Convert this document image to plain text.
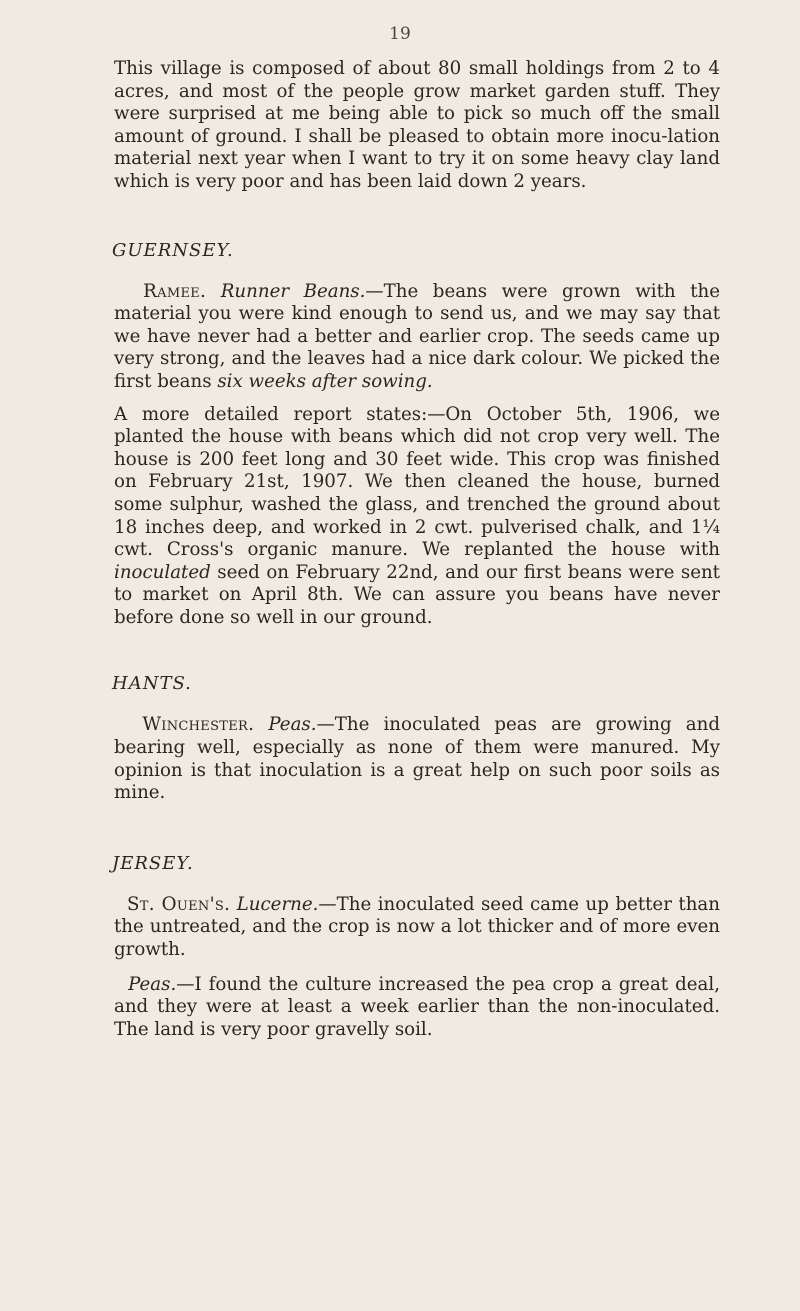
19

This village is composed of about 80 small holdings from 2 to 4 acres, and most of the people grow market garden stuff. They were surprised at me being able to pick so much off the small amount of ground. I shall be pleased to obtain more inocu-lation material next year when I want to try it on some heavy clay land which is very poor and has been laid down 2 years.

GUERNSEY.

Ramee. Runner Beans.—The beans were grown with the material you were kind enough to send us, and we may say that we have never had a better and earlier crop. The seeds came up very strong, and the leaves had a nice dark colour. We picked the first beans six weeks after sowing.

A more detailed report states:—On October 5th, 1906, we planted the house with beans which did not crop very well. The house is 200 feet long and 30 feet wide. This crop was finished on February 21st, 1907. We then cleaned the house, burned some sulphur, washed the glass, and trenched the ground about 18 inches deep, and worked in 2 cwt. pulverised chalk, and 1¼ cwt. Cross's organic manure. We replanted the house with inoculated seed on February 22nd, and our first beans were sent to market on April 8th. We can assure you beans have never before done so well in our ground.

HANTS.

Winchester. Peas.—The inoculated peas are growing and bearing well, especially as none of them were manured. My opinion is that inoculation is a great help on such poor soils as mine.

JERSEY.

St. Ouen's. Lucerne.—The inoculated seed came up better than the untreated, and the crop is now a lot thicker and of more even growth.

Peas.—I found the culture increased the pea crop a great deal, and they were at least a week earlier than the non-inoculated. The land is very poor gravelly soil.
